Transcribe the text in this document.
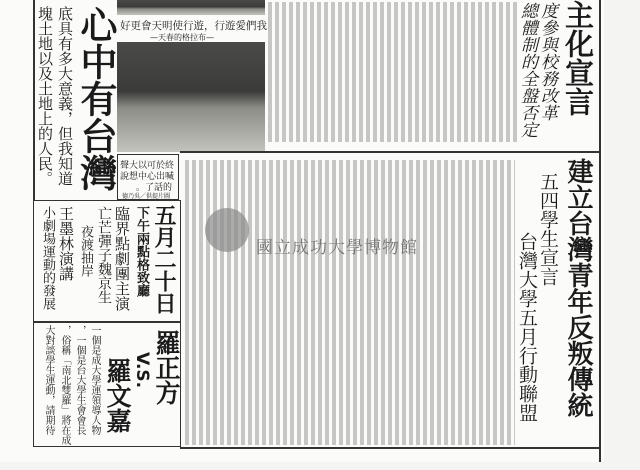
底具有多大意義，但我知道
塊土地以及土地上的人民。 心中有台灣 我們愛遊行，遊行使明天會更好
—布拉格的春天—
終於可以大聲
喊出心中想說
的話了。
圖片提供／吳乃德
度參與校務改革
總體制的全盤否定 主化宣言
五月二十日
下午兩點格致廳
臨界點劇團主演
亡芒彈子魏京生
夜渡抽岸
王墨林演講
小劇場運動的發展
羅正方
V.S.
羅文嘉
一個是成大學運領導人物
，一個是台大學生會會長
，俗稱「南北雙羅」將在成
大對談學生運動，請期待	建立台灣青年反叛傳統
五四學生宣言
台灣大學五月行動聯盟
國立成功大學博物館
